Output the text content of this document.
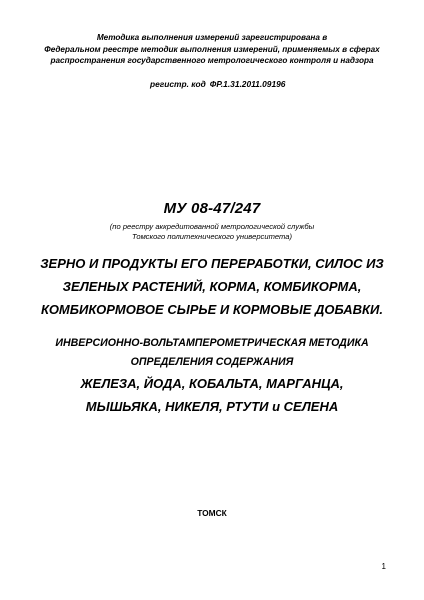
Методика выполнения измерений зарегистрирована в
Федеральном реестре методик выполнения измерений, применяемых в сферах
распространения государственного метрологического контроля и надзора
регистр. код ФР.1.31.2011.09196
МУ 08-47/247
(по реестру аккредитованной метрологической службы
Томского политехнического университета)
ЗЕРНО И ПРОДУКТЫ ЕГО ПЕРЕРАБОТКИ, СИЛОС ИЗ
ЗЕЛЕНЫХ РАСТЕНИЙ, КОРМА, КОМБИКОРМА,
КОМБИКОРМОВОЕ СЫРЬЕ И КОРМОВЫЕ ДОБАВКИ.
ИНВЕРСИОННО-ВОЛЬТАМПЕРОМЕТРИЧЕСКАЯ МЕТОДИКА
ОПРЕДЕЛЕНИЯ СОДЕРЖАНИЯ
ЖЕЛЕЗА, ЙОДА, КОБАЛЬТА, МАРГАНЦА,
МЫШЬЯКА, НИКЕЛЯ, РТУТИ и СЕЛЕНА
ТОМСК
1
